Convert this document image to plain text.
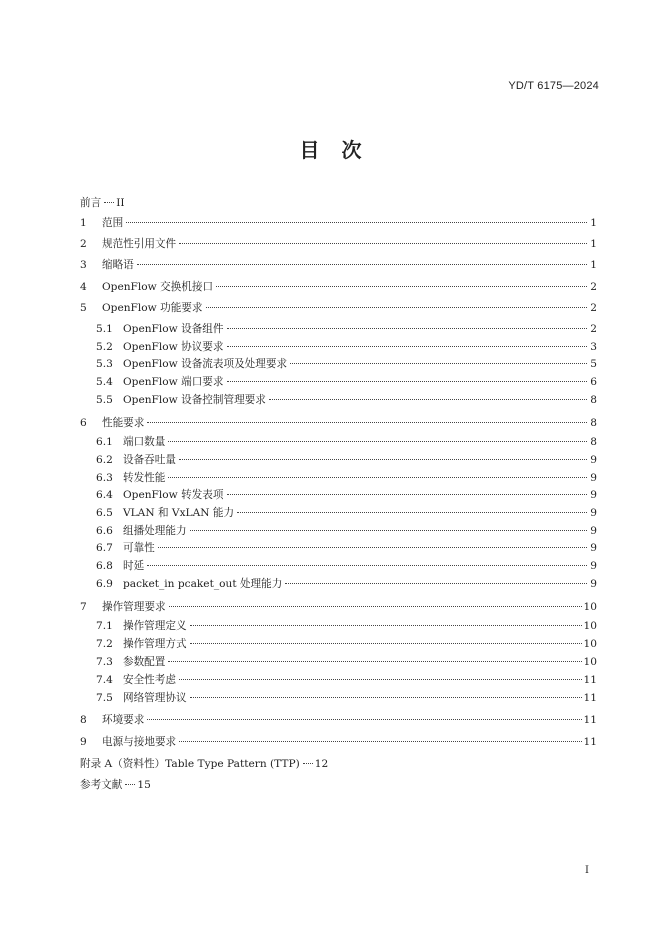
YD/T 6175—2024
目　次
前言 II
1	范围	1
2	规范性引用文件	1
3	缩略语	1
4	OpenFlow 交换机接口	2
5	OpenFlow 功能要求	2
5.1 OpenFlow 设备组件	2
5.2 OpenFlow 协议要求	3
5.3 OpenFlow 设备流表项及处理要求	5
5.4 OpenFlow 端口要求	6
5.5 OpenFlow 设备控制管理要求	8
6	性能要求	8
6.1 端口数量	8
6.2 设备吞吐量	9
6.3 转发性能	9
6.4 OpenFlow 转发表项	9
6.5 VLAN 和 VxLAN 能力	9
6.6 组播处理能力	9
6.7 可靠性	9
6.8 时延	9
6.9 packet_in pcaket_out 处理能力	9
7	操作管理要求	10
7.1 操作管理定义	10
7.2 操作管理方式	10
7.3 参数配置	10
7.4 安全性考虑	11
7.5 网络管理协议	11
8	环境要求	11
9	电源与接地要求	11
附录 A（资料性）Table Type Pattern (TTP) 12
参考文献 15
I
